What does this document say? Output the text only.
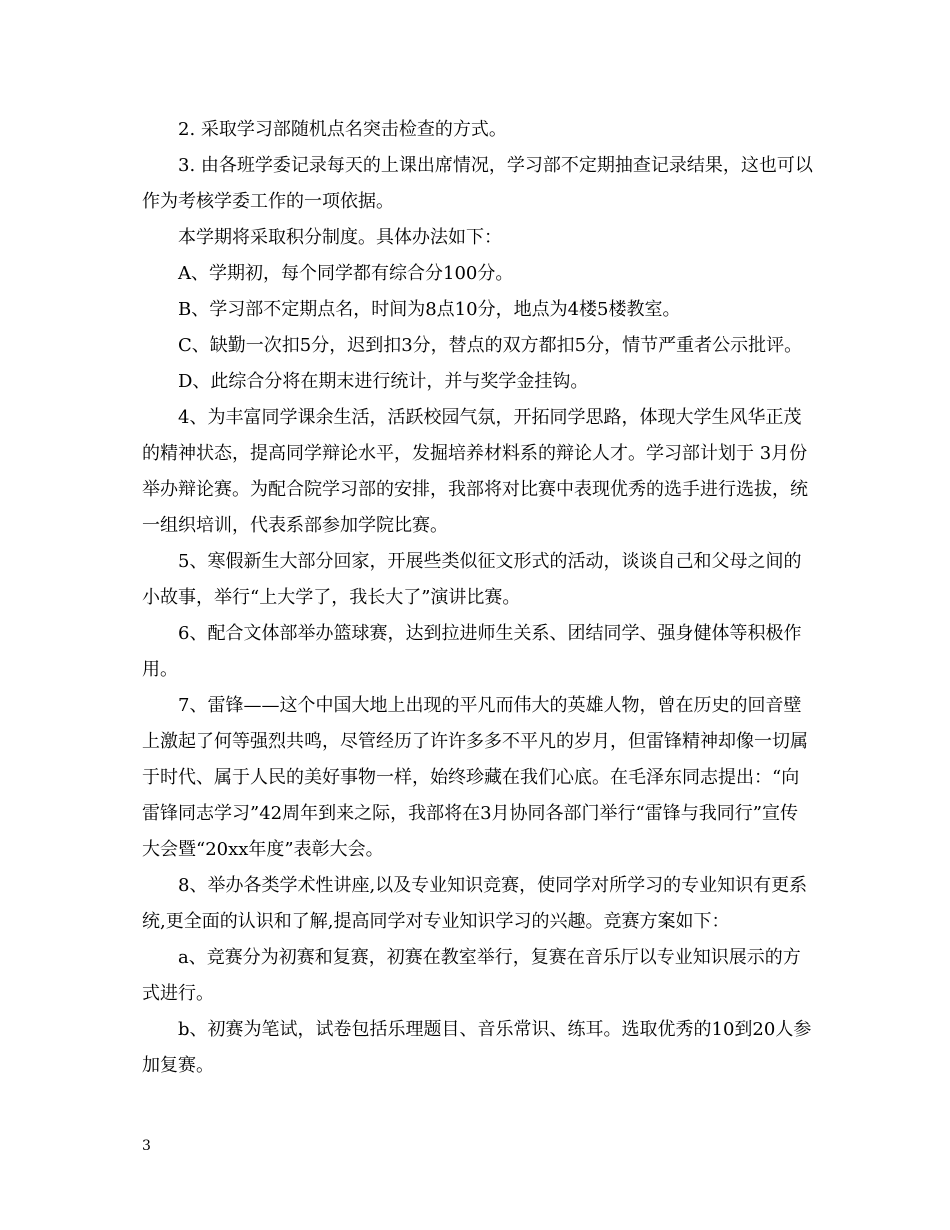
2. 采取学习部随机点名突击检查的方式。

3. 由各班学委记录每天的上课出席情况，学习部不定期抽查记录结果，这也可以作为考核学委工作的一项依据。

本学期将采取积分制度。具体办法如下：

A、学期初，每个同学都有综合分100分。

B、学习部不定期点名，时间为8点10分，地点为4楼5楼教室。

C、缺勤一次扣5分，迟到扣3分，替点的双方都扣5分，情节严重者公示批评。

D、此综合分将在期末进行统计，并与奖学金挂钩。

4、为丰富同学课余生活，活跃校园气氛，开拓同学思路，体现大学生风华正茂的精神状态，提高同学辩论水平，发掘培养材料系的辩论人才。学习部计划于 3月份举办辩论赛。为配合院学习部的安排，我部将对比赛中表现优秀的选手进行选拔，统一组织培训，代表系部参加学院比赛。

5、寒假新生大部分回家，开展些类似征文形式的活动，谈谈自己和父母之间的小故事，举行“上大学了，我长大了”演讲比赛。

6、配合文体部举办篮球赛，达到拉进师生关系、团结同学、强身健体等积极作用。

7、雷锋——这个中国大地上出现的平凡而伟大的英雄人物，曾在历史的回音壁上激起了何等强烈共鸣，尽管经历了许许多多不平凡的岁月，但雷锋精神却像一切属于时代、属于人民的美好事物一样，始终珍藏在我们心底。在毛泽东同志提出：“向雷锋同志学习”42周年到来之际，我部将在3月协同各部门举行“雷锋与我同行”宣传大会暨“20xx年度”表彰大会。

8、举办各类学术性讲座,以及专业知识竞赛，使同学对所学习的专业知识有更系统,更全面的认识和了解,提高同学对专业知识学习的兴趣。竞赛方案如下：

a、竞赛分为初赛和复赛，初赛在教室举行，复赛在音乐厅以专业知识展示的方式进行。

b、初赛为笔试，试卷包括乐理题目、音乐常识、练耳。选取优秀的10到20人参加复赛。

3
